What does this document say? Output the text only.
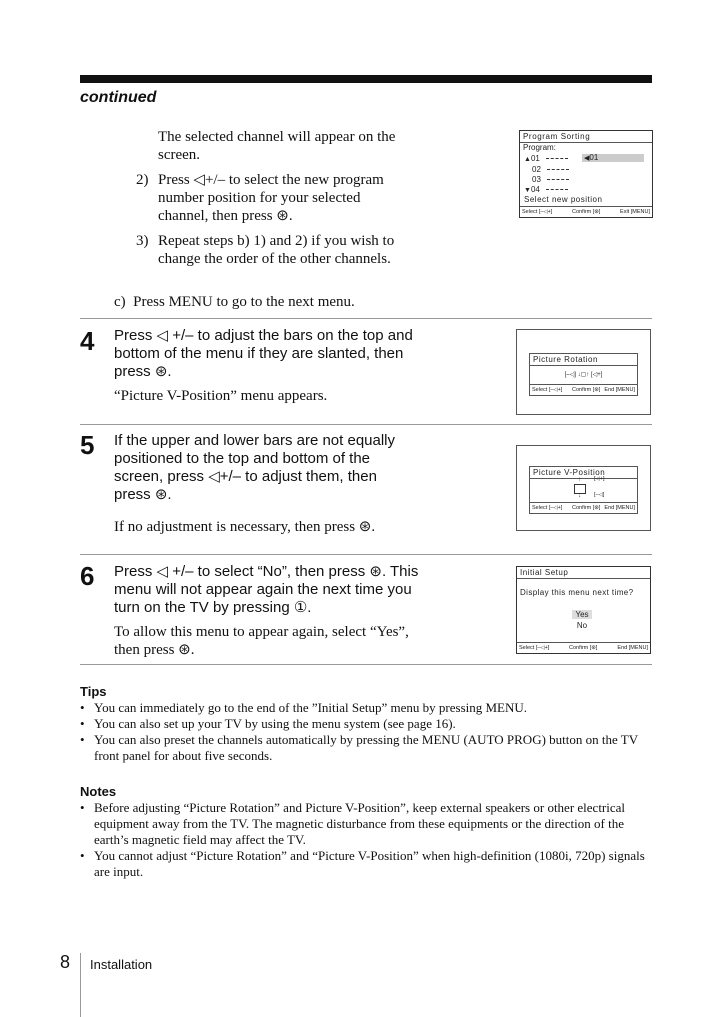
continued
The selected channel will appear on the screen.
2) Press ◁+/– to select the new program number position for your selected channel, then press ⊛.
3) Repeat steps b) 1) and 2) if you wish to change the order of the other channels.
c)  Press MENU to go to the next menu.
Program Sorting
Program:
▲01
02
03
▼04
◀01
Select new position
Select [–◁+]	Confirm [⊛]	Exit [MENU]
4 Press ◁ +/– to adjust the bars on the top and bottom of the menu if they are slanted, then press ⊛.
“Picture V-Position” menu appears.
Picture Rotation
[–◁] ↓▢↑ [◁+]
Select [–◁+] Confirm [⊛] End [MENU]
5 If the upper and lower bars are not equally positioned to the top and bottom of the screen, press ◁+/– to adjust them, then press ⊛.
If no adjustment is necessary, then press ⊛.
Picture V-Position
↑ [◁+]
↓ [–◁]
Select [–◁+] Confirm [⊛] End [MENU]
6 Press ◁ +/– to select “No”, then press ⊛. This menu will not appear again the next time you turn on the TV by pressing ①.
To allow this menu to appear again, select “Yes”, then press ⊛.
Initial Setup
Display this menu next time?
Yes
No
Select [–◁+]	Confirm [⊛]	End [MENU]
Tips
• You can immediately go to the end of the ”Initial Setup” menu by pressing MENU.
• You can also set up your TV by using the menu system (see page 16).
• You can also preset the channels automatically by pressing the MENU (AUTO PROG) button on the TV front panel for about five seconds.
Notes
• Before adjusting “Picture Rotation” and Picture V-Position”, keep external speakers or other electrical equipment away from the TV. The magnetic disturbance from these equipments or the direction of the earth’s magnetic field may affect the TV.
• You cannot adjust “Picture Rotation” and “Picture V-Position” when high-definition (1080i, 720p) signals are input.
8 Installation
